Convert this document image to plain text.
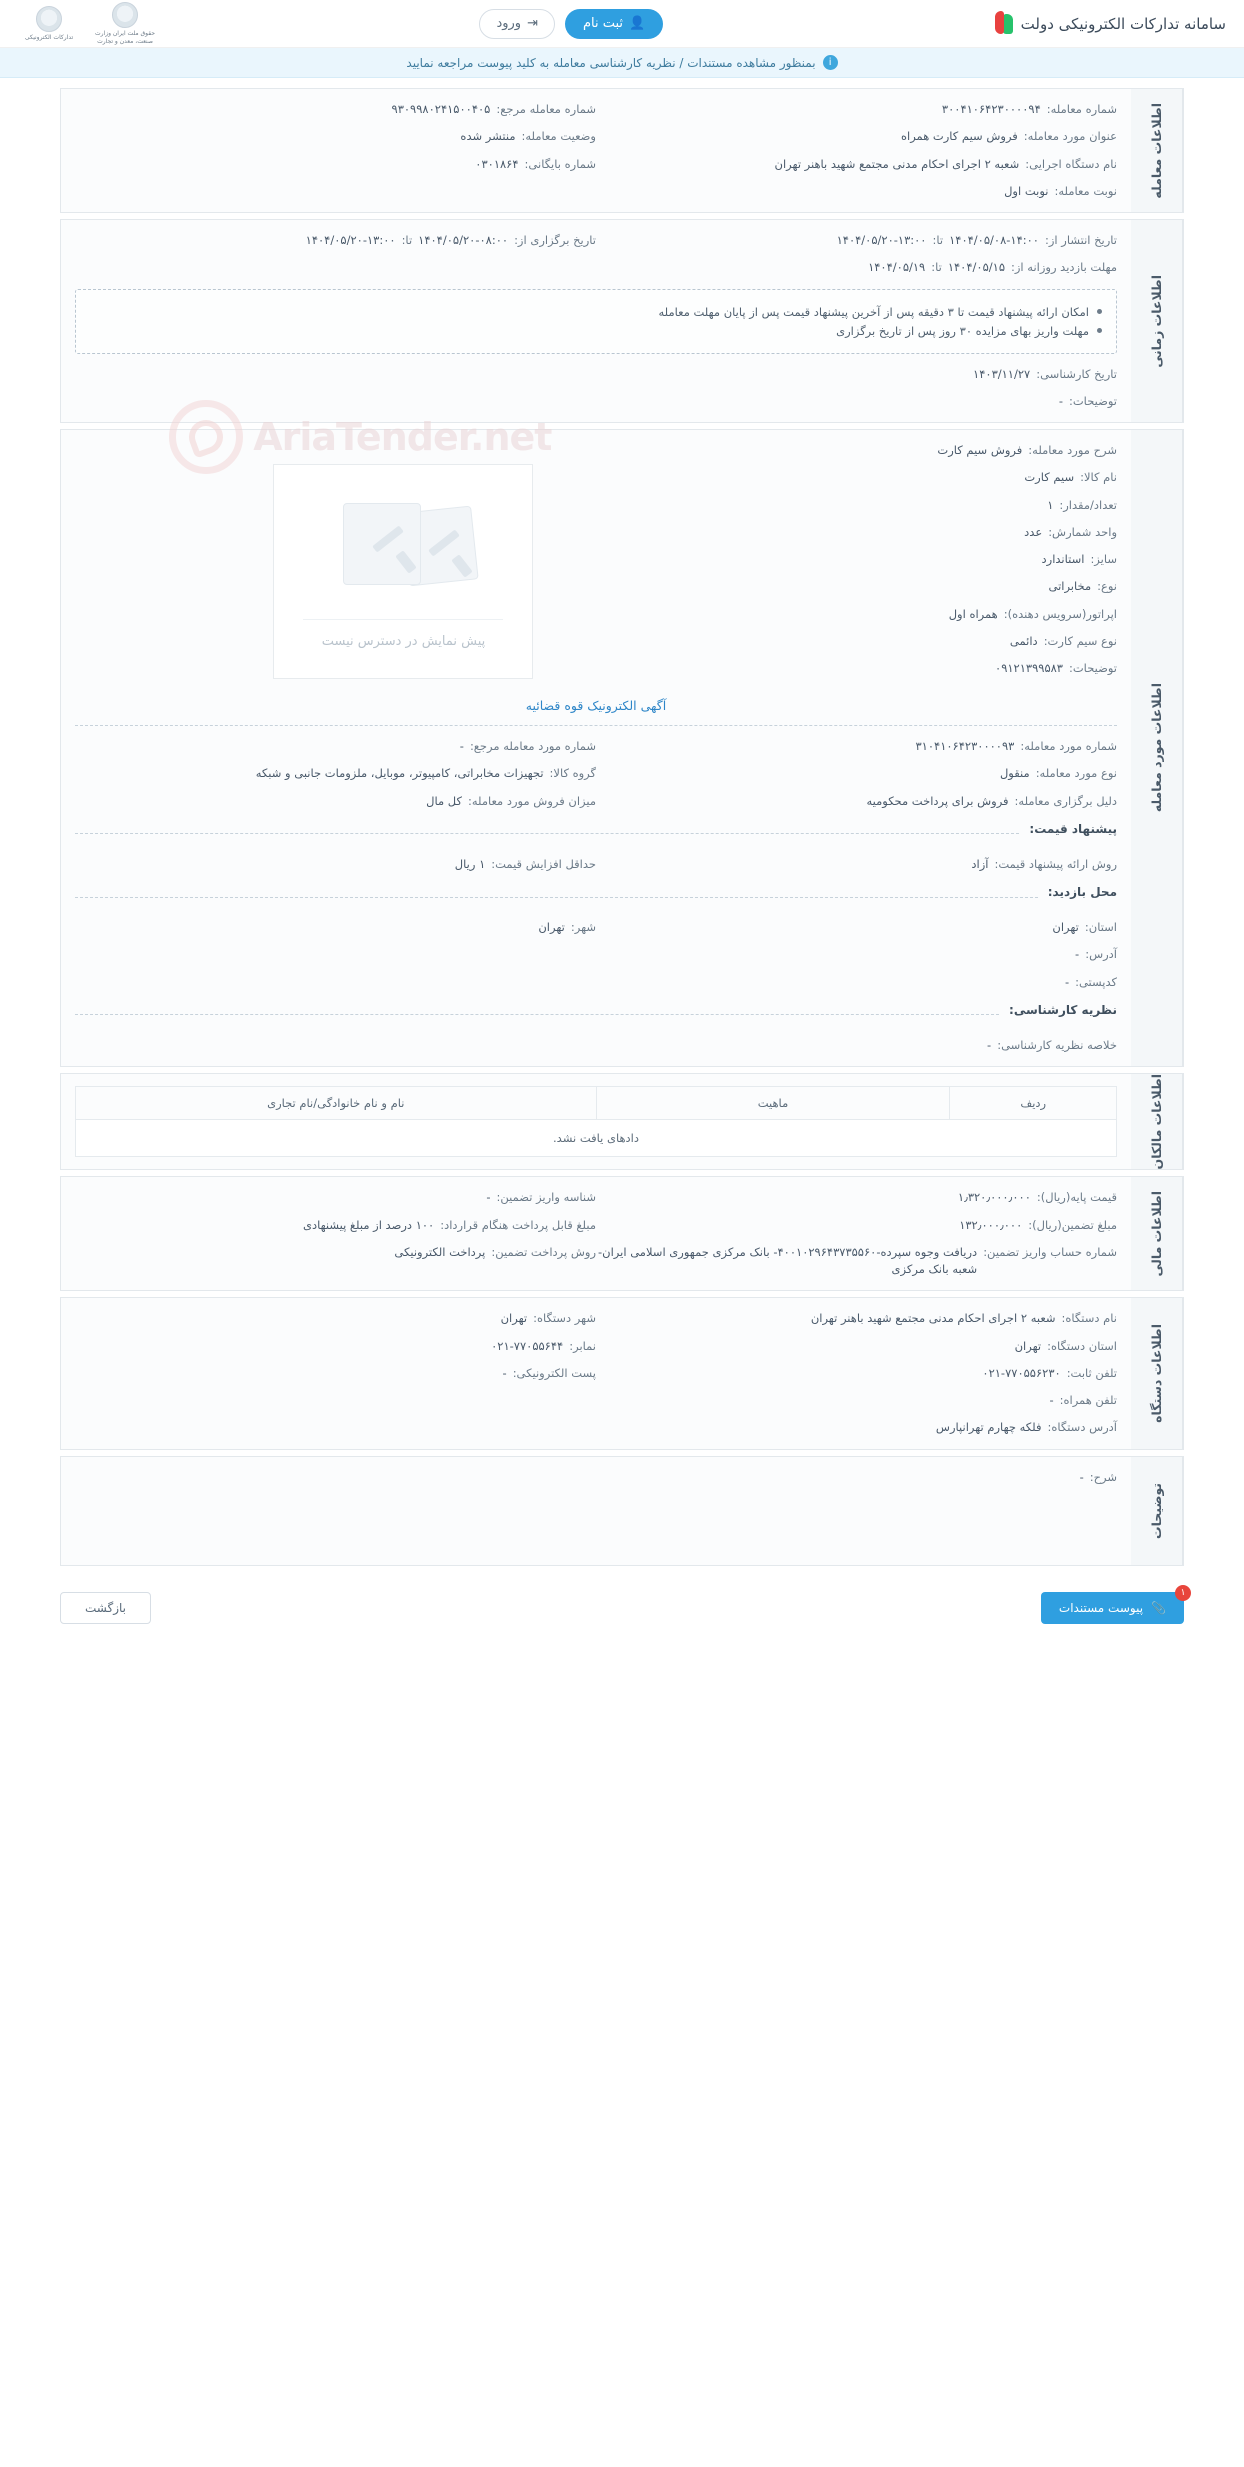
سامانه تدارکات الکترونیکی دولت
👤
ثبت نام
⇥
ورود
حقوق ملت ایران وزارت صنعت، معدن و تجارت
تدارکات الکترونیکی
i
بمنظور مشاهده مستندات / نظریه کارشناسی معامله به کلید پیوست مراجعه نمایید
اطلاعات معامله
شماره معامله:
۳۰۰۴۱۰۶۴۲۳۰۰۰۰۹۴
عنوان مورد معامله:
فروش سیم کارت همراه
نام دستگاه اجرایی:
شعبه ۲ اجرای احکام مدنی مجتمع شهید باهنر تهران
نوبت معامله:
نوبت اول
شماره معامله مرجع:
۹۳۰۹۹۸۰۲۴۱۵۰۰۴۰۵
وضعیت معامله:
منتشر شده
شماره بایگانی:
۰۳۰۱۸۶۴
اطلاعات زمانی
تاریخ انتشار از:
۱۴۰۴/۰۵/۰۸-۱۴:۰۰
تا:
۱۴۰۴/۰۵/۲۰-۱۳:۰۰
مهلت بازدید روزانه از:
۱۴۰۴/۰۵/۱۵
تا:
۱۴۰۴/۰۵/۱۹
تاریخ برگزاری از:
۱۴۰۴/۰۵/۲۰-۰۸:۰۰
تا:
۱۴۰۴/۰۵/۲۰-۱۳:۰۰
امکان ارائه پیشنهاد قیمت تا ۳ دقیقه پس از آخرین پیشنهاد قیمت پس از پایان مهلت معامله
مهلت واریز بهای مزایده ۳۰ روز پس از تاریخ برگزاری
تاریخ کارشناسی:
۱۴۰۳/۱۱/۲۷
توضیحات:
-
اطلاعات مورد معامله
شرح مورد معامله:
فروش سیم کارت
نام کالا:
سیم کارت
تعداد/مقدار:
۱
واحد شمارش:
عدد
سایز:
استاندارد
نوع:
مخابراتی
اپراتور(سرویس دهنده):
همراه اول
نوع سیم کارت:
دائمی
توضیحات:
۰۹۱۲۱۳۹۹۵۸۳
AriaTender.net
پیش نمایش در دسترس نیست
آگهی الکترونیک قوه قضائیه
شماره مورد معامله:
۳۱۰۴۱۰۶۴۲۳۰۰۰۰۹۳
نوع مورد معامله:
منقول
دلیل برگزاری معامله:
فروش برای پرداخت محکومیه
شماره مورد معامله مرجع:
-
گروه کالا:
تجهیزات مخابراتی، کامپیوتر، موبایل، ملزومات جانبی و شبکه
میزان فروش مورد معامله:
کل مال
پیشنهاد قیمت:
روش ارائه پیشنهاد قیمت:
آزاد
حداقل افزایش قیمت:
۱ ریال
محل بازدید:
استان:
تهران
آدرس:
-
کدپستی:
-
شهر:
تهران
نظریه کارشناسی:
خلاصه نظریه کارشناسی:
-
اطلاعات مالکان
ردیف	ماهیت	نام و نام خانوادگی/نام تجاری
دادهای یافت نشد.
اطلاعات مالی
قیمت پایه(ریال):
۱٫۳۲۰٫۰۰۰٫۰۰۰
مبلغ تضمین(ریال):
۱۳۲٫۰۰۰٫۰۰۰
شماره حساب واریز تضمین:
دریافت وجوه سپرده-۴۰۰۱۰۲۹۶۴۳۷۳۵۵۶۰- بانک مرکزی جمهوری اسلامی ایران- شعبه بانک مرکزی
شناسه واریز تضمین:
-
مبلغ قابل پرداخت هنگام قرارداد:
۱۰۰ درصد از مبلغ پیشنهادی
روش پرداخت تضمین:
پرداخت الکترونیکی
اطلاعات دستگاه
نام دستگاه:
شعبه ۲ اجرای احکام مدنی مجتمع شهید باهنر تهران
استان دستگاه:
تهران
تلفن ثابت:
۰۲۱-۷۷۰۵۵۶۲۳۰
تلفن همراه:
-
آدرس دستگاه:
فلکه چهارم تهرانپارس
شهر دستگاه:
تهران
نمابر:
۰۲۱-۷۷۰۵۵۶۴۴
پست الکترونیکی:
-
توضیحات
شرح:
-
۱
📎
پیوست مستندات
بازگشت
